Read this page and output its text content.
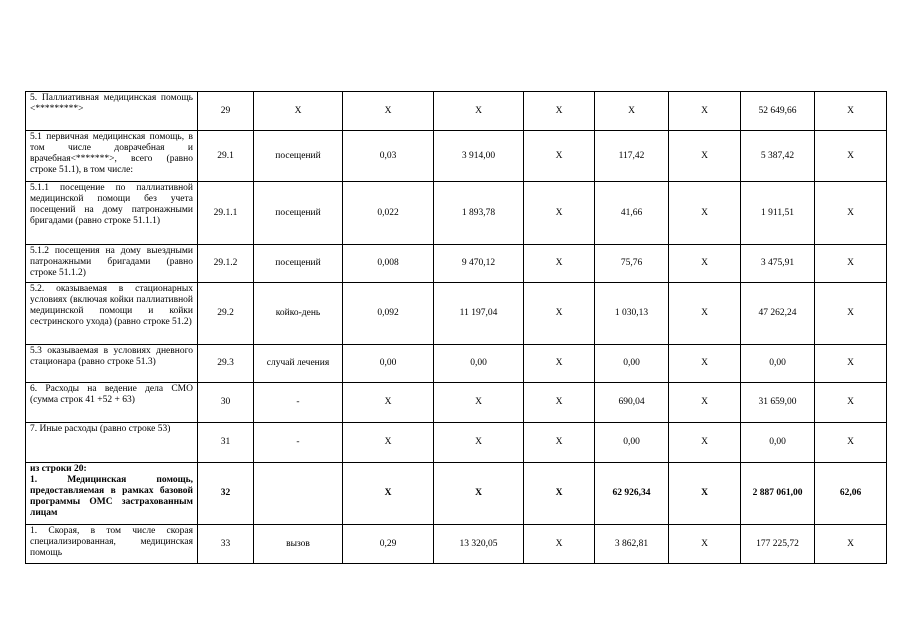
5. Паллиативная медицинская помощь <*********>	29	Х	Х	Х	Х	Х	Х	52 649,66	Х
5.1 первичная медицинская помощь, в том числе доврачебная и врачебная<*******>, всего (равно строке 51.1), в том числе:	29.1	посещений	0,03	3 914,00	Х	117,42	Х	5 387,42	Х
5.1.1 посещение по паллиативной медицинской помощи без учета посещений на дому патронажными бригадами (равно строке 51.1.1)	29.1.1	посещений	0,022	1 893,78	Х	41,66	Х	1 911,51	Х
5.1.2 посещения на дому выездными патронажными бригадами (равно строке 51.1.2)	29.1.2	посещений	0,008	9 470,12	Х	75,76	Х	3 475,91	Х
5.2. оказываемая в стационарных условиях (включая койки паллиативной медицинской помощи и койки сестринского ухода) (равно строке 51.2)	29.2	койко-день	0,092	11 197,04	Х	1 030,13	Х	47 262,24	Х
5.3 оказываемая в условиях дневного стационара (равно строке 51.3)	29.3	случай лечения	0,00	0,00	Х	0,00	Х	0,00	Х
6. Расходы на ведение дела СМО (сумма строк 41 +52 + 63)	30	-	Х	Х	Х	690,04	Х	31 659,00	Х
7. Иные расходы (равно строке 53)	31	-	Х	Х	Х	0,00	Х	0,00	Х
из строки 20:
1. Медицинская помощь, предоставляемая в рамках базовой программы ОМС застрахованным лицам	32		Х	Х	Х	62 926,34	Х	2 887 061,00	62,06
1. Скорая, в том числе скорая специализированная, медицинская помощь	33	вызов	0,29	13 320,05	Х	3 862,81	Х	177 225,72	Х
